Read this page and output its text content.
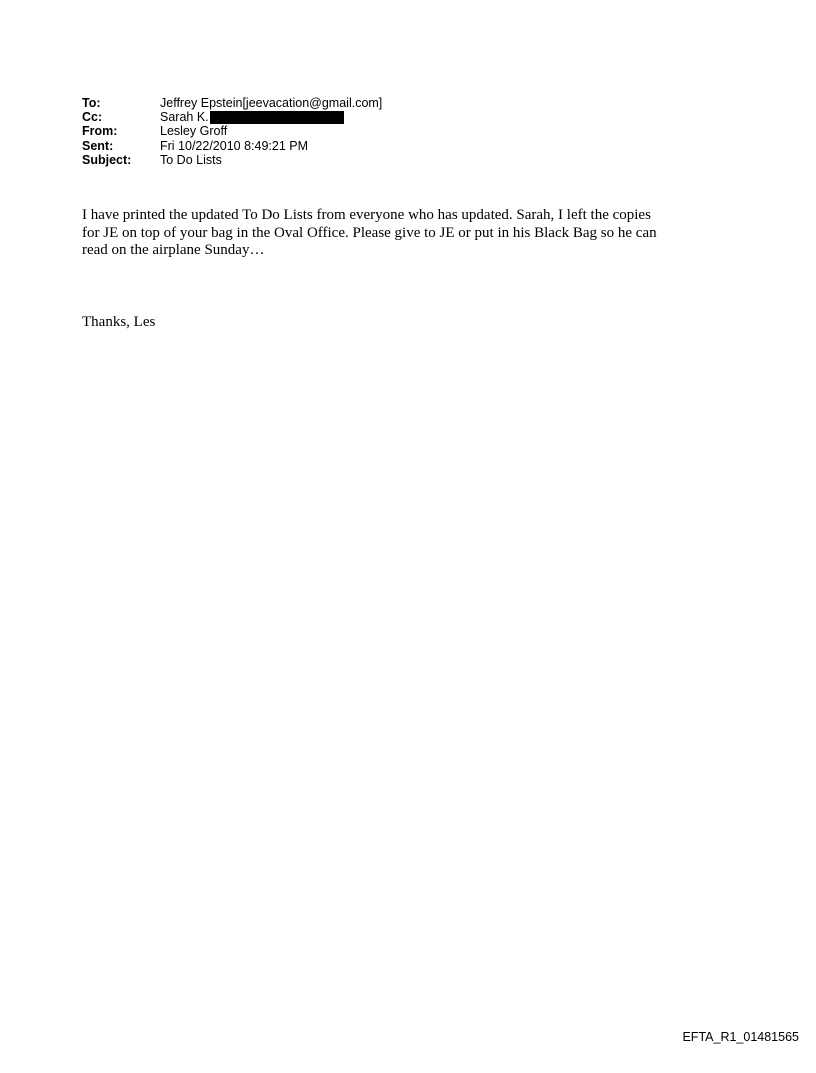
To:	Jeffrey Epstein[jeevacation@gmail.com]
Cc:	Sarah K.
From:	Lesley Groff
Sent:	Fri 10/22/2010 8:49:21 PM
Subject:	To Do Lists

I have printed the updated To Do Lists from everyone who has updated. Sarah, I left the copies
for JE on top of your bag in the Oval Office. Please give to JE or put in his Black Bag so he can
read on the airplane Sunday…

Thanks, Les
EFTA_R1_01481565
